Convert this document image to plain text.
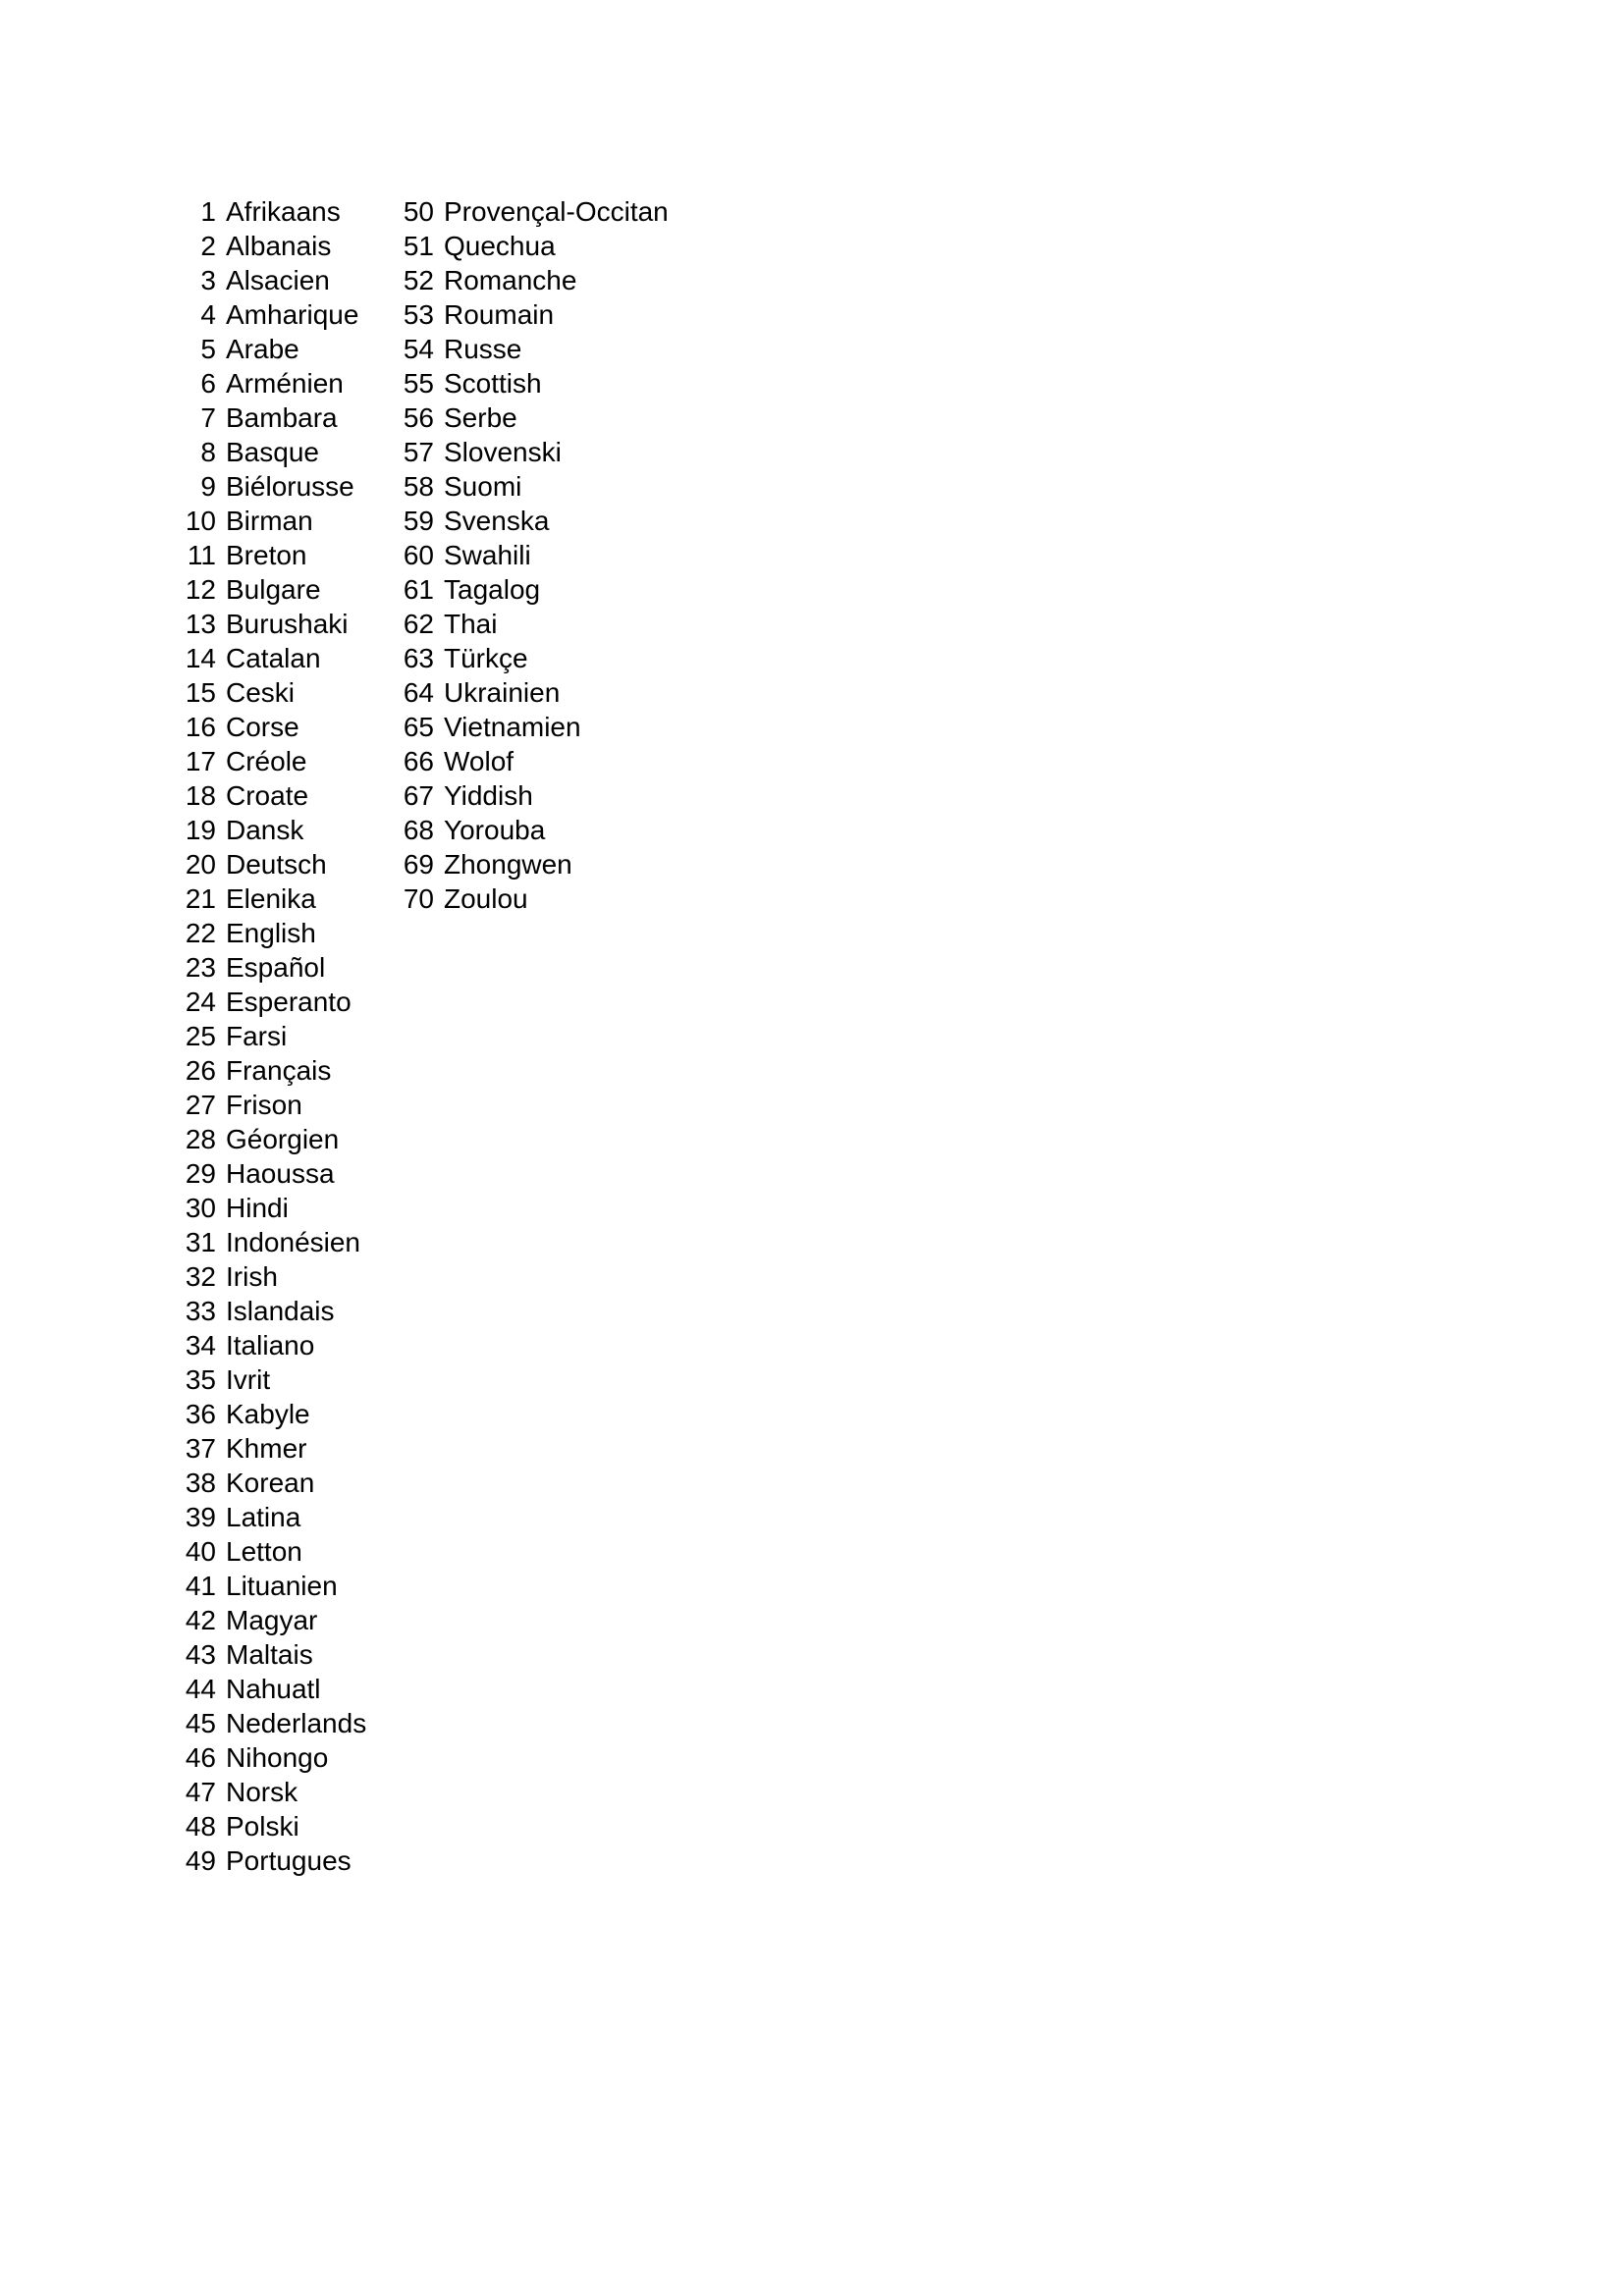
1 Afrikaans
2 Albanais
3 Alsacien
4 Amharique
5 Arabe
6 Arménien
7 Bambara
8 Basque
9 Biélorusse
10 Birman
11 Breton
12 Bulgare
13 Burushaki
14 Catalan
15 Ceski
16 Corse
17 Créole
18 Croate
19 Dansk
20 Deutsch
21 Elenika
22 English
23 Español
24 Esperanto
25 Farsi
26 Français
27 Frison
28 Géorgien
29 Haoussa
30 Hindi
31 Indonésien
32 Irish
33 Islandais
34 Italiano
35 Ivrit
36 Kabyle
37 Khmer
38 Korean
39 Latina
40 Letton
41 Lituanien
42 Magyar
43 Maltais
44 Nahuatl
45 Nederlands
46 Nihongo
47 Norsk
48 Polski
49 Portugues
50 Provençal-Occitan
51 Quechua
52 Romanche
53 Roumain
54 Russe
55 Scottish
56 Serbe
57 Slovenski
58 Suomi
59 Svenska
60 Swahili
61 Tagalog
62 Thai
63 Türkçe
64 Ukrainien
65 Vietnamien
66 Wolof
67 Yiddish
68 Yorouba
69 Zhongwen
70 Zoulou
